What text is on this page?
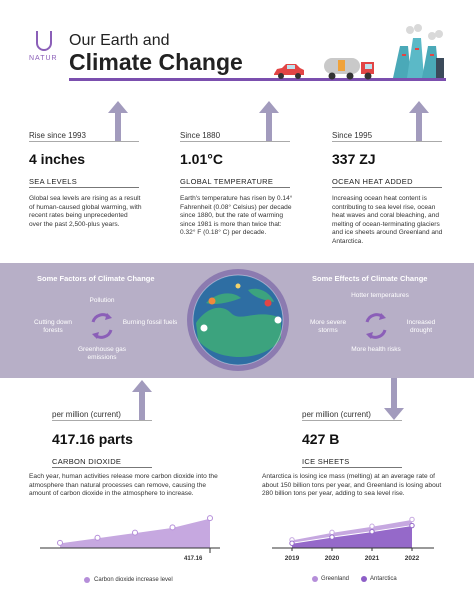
NATUR
Our Earth and
Climate Change
Rise since 1993
4 inches
SEA LEVELS
Global sea levels are rising as a result of human-caused global warming, with recent rates being unprecedented over the past 2,500-plus years.
Since 1880
1.01°C
GLOBAL TEMPERATURE
Earth's temperature has risen by 0.14° Fahrenheit (0.08° Celsius) per decade since 1880, but the rate of warming since 1981 is more than twice that: 0.32° F (0.18° C) per decade.
Since 1995
337 ZJ
OCEAN HEAT ADDED
Increasing ocean heat content is contributing to sea level rise, ocean heat waves and coral bleaching, and melting of ocean-terminating glaciers and ice sheets around Greenland and Antarctica.
Some Factors of Climate Change	Some Effects of Climate Change
Pollution
Burning fossil fuels
Greenhouse gas emissions
Cutting down forests
Hotter temperatures
Increased drought
More health risks
More severe storms
per million (current)
417.16 parts
CARBON DIOXIDE
Each year, human activities release more carbon dioxide into the atmosphere than natural processes can remove, causing the amount of carbon dioxide in the atmosphere to increase.
417.16
Carbon dioxide increase level
per million (current)
427 B
ICE SHEETS
Antarctica is losing ice mass (melting) at an average rate of about 150 billion tons per year, and Greenland is losing about 280 billion tons per year, adding to sea level rise.
2019	2020	2021	2022
Greenland	Antarctica
